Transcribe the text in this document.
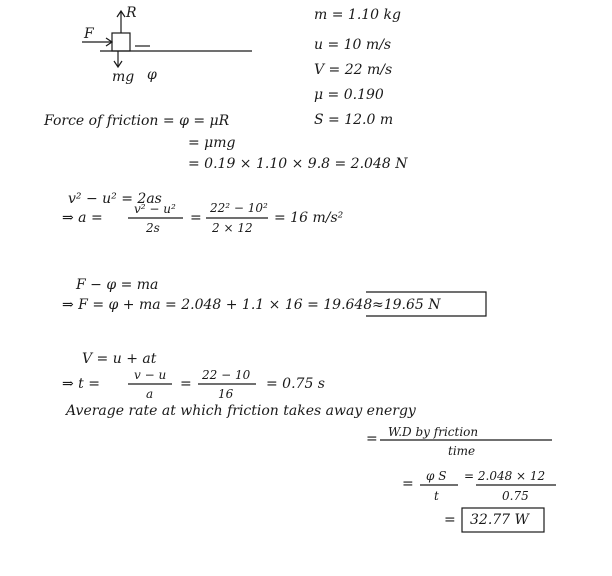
R
F
mg φ
m = 1.10 kg
u = 10 m/s
V = 22 m/s
μ = 0.190
S = 12.0 m
Force of friction = φ = μR
= μmg
= 0.19 × 1.10 × 9.8 = 2.048 N
v² − u² = 2as
⇒ a =
v² − u²
2s
=
22² − 10²
2 × 12
= 16 m/s²
F − φ = ma
⇒ F = φ + ma = 2.048 + 1.1 × 16 = 19.648 ≈19.65 N
V = u + at
⇒ t =
v − u
a
=
22 − 10
16
= 0.75 s
Average rate at which friction takes away energy
= W.D by friction
time
= φ S
t
= 2.048 × 12
0.75
= 32.77 W
